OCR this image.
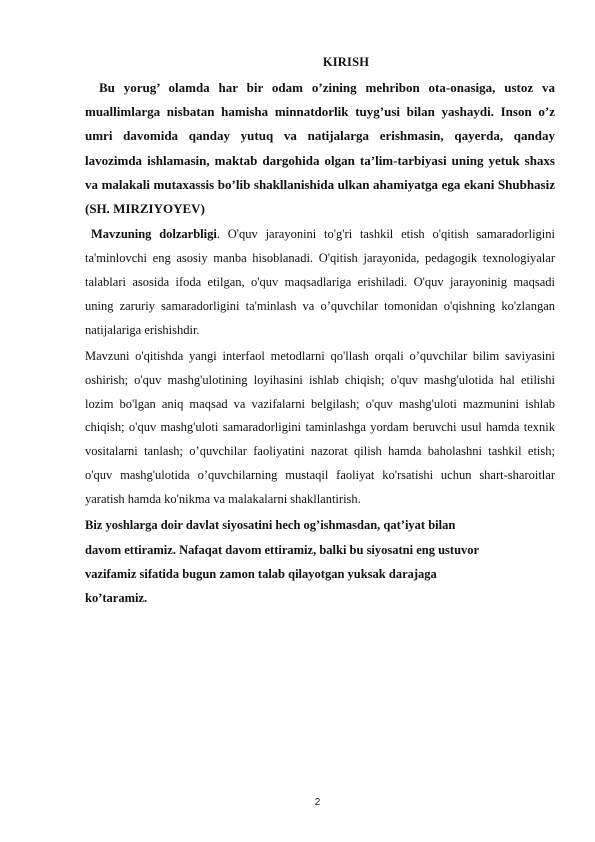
KIRISH

Bu yorug’ olamda har bir odam o’zining mehribon ota-onasiga, ustoz va muallimlarga nisbatan hamisha minnatdorlik tuyg’usi bilan yashaydi. Inson o’z umri davomida qanday yutuq va natijalarga erishmasin, qayerda, qanday lavozimda ishlamasin, maktab dargohida olgan ta’lim-tarbiyasi uning yetuk shaxs va malakali mutaxassis bo’lib shakllanishida ulkan ahamiyatga ega ekani Shubhasiz (SH. MIRZIYOYEV)

Mavzuning dolzarbligi. O'quv jarayonini to'g'ri tashkil etish o'qitish samaradorligini ta'minlovchi eng asosiy manba hisoblanadi. O'qitish jarayonida, pedagogik texnologiyalar talablari asosida ifoda etilgan, o'quv maqsadlariga erishiladi. O'quv jarayoninig maqsadi uning zaruriy samaradorligini ta'minlash va o’quvchilar tomonidan o'qishning ko'zlangan natijalariga erishishdir.

Mavzuni o'qitishda yangi interfaol metodlarni qo'llash orqali o’quvchilar bilim saviyasini oshirish; o'quv mashg'ulotining loyihasini ishlab chiqish; o'quv mashg'ulotida hal etilishi lozim bo'lgan aniq maqsad va vazifalarni belgilash; o'quv mashg'uloti mazmunini ishlab chiqish; o'quv mashg'uloti samaradorligini taminlashga yordam beruvchi usul hamda texnik vositalarni tanlash; o’quvchilar faoliyatini nazorat qilish hamda baholashni tashkil etish; o'quv mashg'ulotida o’quvchilarning mustaqil faoliyat ko'rsatishi uchun shart-sharoitlar yaratish hamda ko'nikma va malakalarni shakllantirish.

Biz yoshlarga doir davlat siyosatini hech og’ishmasdan, qat’iyat bilan
davom ettiramiz. Nafaqat davom ettiramiz, balki bu siyosatni eng ustuvor
vazifamiz sifatida bugun zamon talab qilayotgan yuksak darajaga
ko’taramiz.
2
